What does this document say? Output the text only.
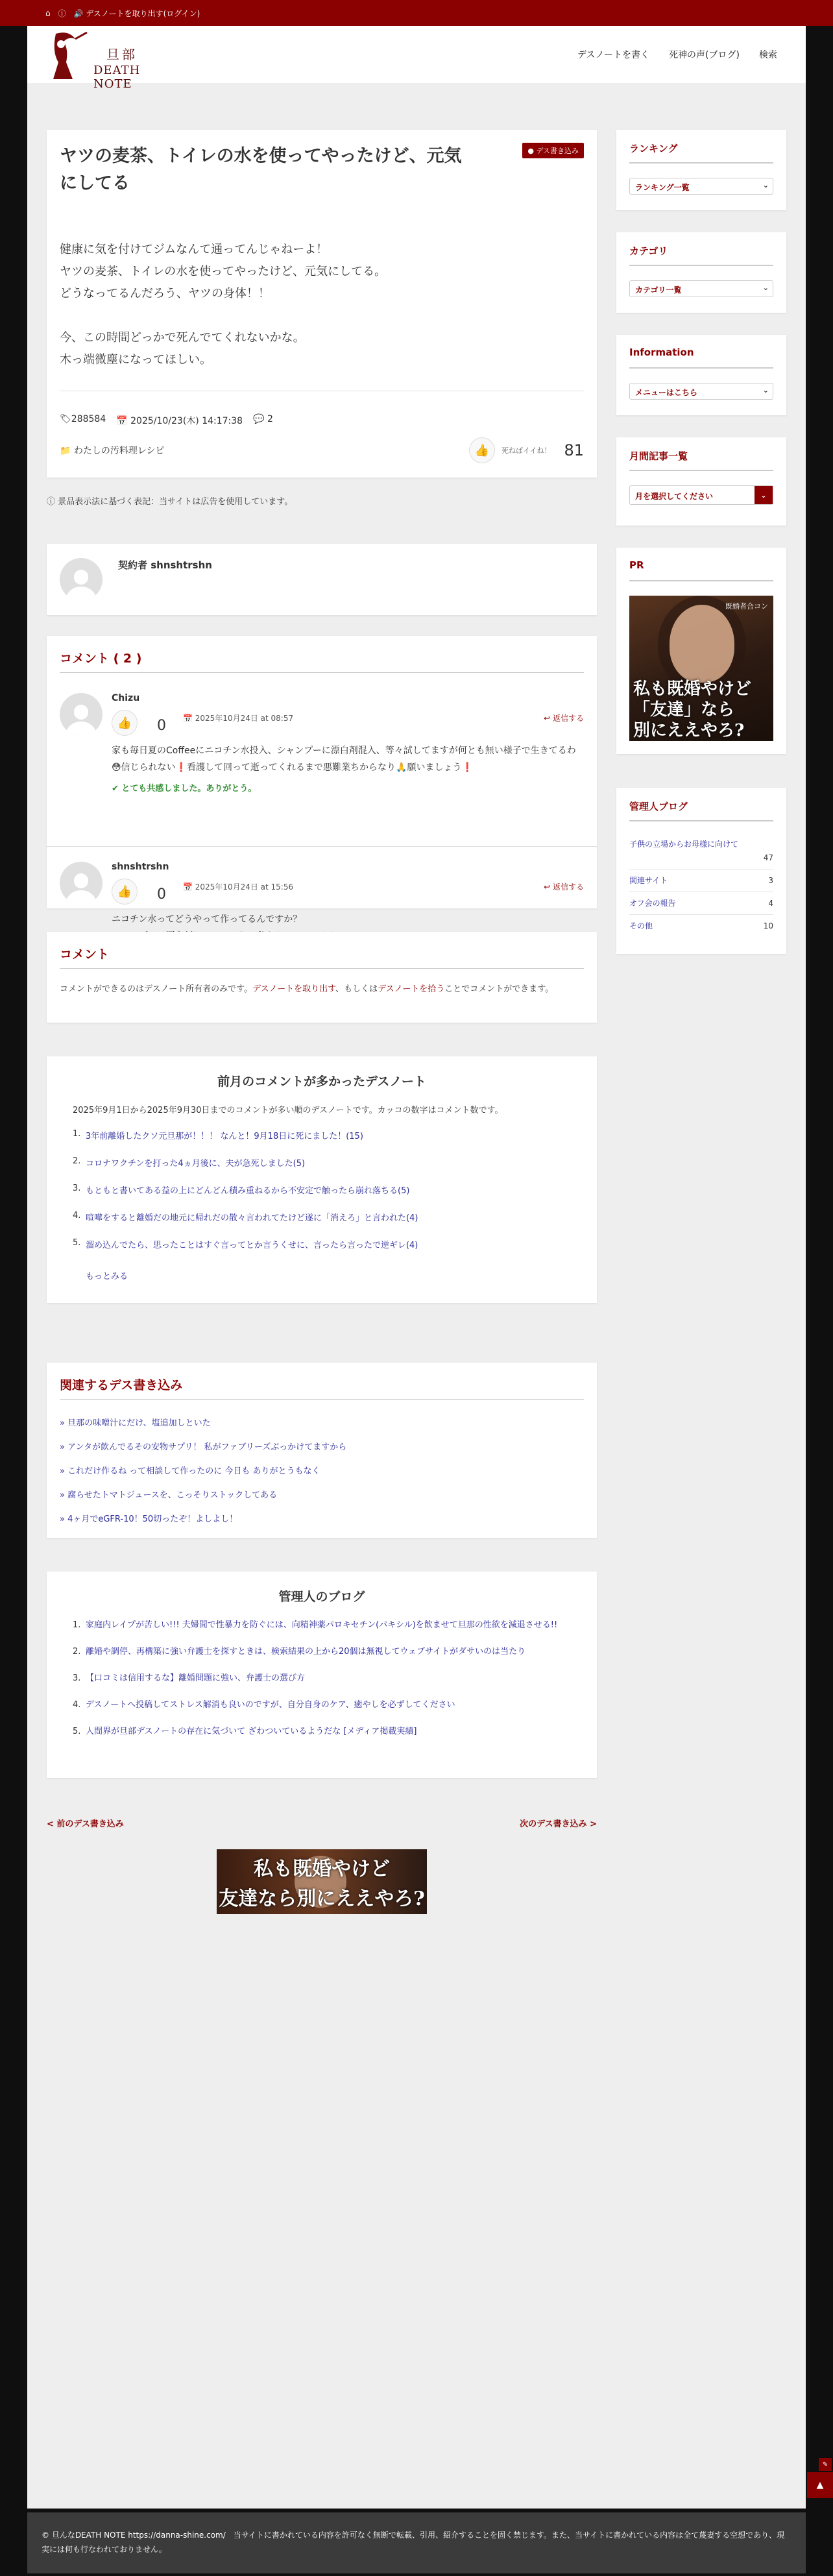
⌂ ⓘ 🔊 デスノートを取り出す(ログイン)
旦部
DEATH NOTE
デスノートを書く 死神の声(ブログ) 検索
ヤツの麦茶、トイレの水を使ってやったけど、元気にしてる
● デス書き込み
健康に気を付けてジムなんて通ってんじゃねーよ！
ヤツの麦茶、トイレの水を使ってやったけど、元気にしてる。
どうなってるんだろう、ヤツの身体！！
今、この時間どっかで死んでてくれないかな。
木っ端微塵になってほしい。
🏷288584 📅 2025/10/23(木) 14:17:38 💬 2
📁 わたしの汚料理レシピ	👍	死ねばイイね！ 81
ⓘ 景品表示法に基づく表記：当サイトは広告を使用しています。
契約者 shnshtrshn
コメント ( 2 )
Chizu
👍	0 📅 2025年10月24日 at 08:57	↩ 返信する
家も毎日夏のCoffeeにニコチン水投入、シャンプーに漂白剤混入、等々試してますが何とも無い様子で生きてるわ😳信じられない❗️看護して回って逝ってくれるまで悪難業ちからなり🙏願いましょう❗️
✔ とても共感しました。ありがとう。
shnshtrshn
👍	0 📅 2025年10月24日 at 15:56	↩ 返信する
ニコチン水ってどうやって作ってるんですか？

コメント
コメントができるのはデスノート所有者のみです。デスノートを取り出す、もしくはデスノートを拾うことでコメントができます。
前月のコメントが多かったデスノート
2025年9月1日から2025年9月30日までのコメントが多い順のデスノートです。カッコの数字はコメント数です。
1. 3年前離婚したクソ元旦那が！！！ なんと！9月18日に死にました！(15)
2. コロナワクチンを打った4ヵ月後に、夫が急死しました(5)
3. もともと書いてある益の上にどんどん積み重ねるから不安定で触ったら崩れ落ちる(5)
4. 喧嘩をすると離婚だの地元に帰れだの散々言われてたけど遂に「消えろ」と言われた(4)
5. 溜め込んでたら、思ったことはすぐ言ってとか言うくせに、言ったら言ったで逆ギレ(4)
もっとみる
関連するデス書き込み
» 旦那の味噌汁にだけ、塩追加しといた
» アンタが飲んでるその安物サプリ！ 私がファブリーズぶっかけてますから
» これだけ作るね って相談して作ったのに 今日も ありがとうもなく
» 腐らせたトマトジュースを、こっそりストックしてある
» 4ヶ月でeGFR-10！50切ったぞ！よしよし！
管理人のブログ
1. 家庭内レイプが苦しい!!! 夫婦間で性暴力を防ぐには、向精神薬パロキセチン(パキシル)を飲ませて旦那の性欲を減退させる!!
2. 離婚や調停、再構築に強い弁護士を探すときは、検索結果の上から20個は無視してウェブサイトがダサいのは当たり
3. 【口コミは信用するな】離婚問題に強い、弁護士の選び方
4. デスノートへ投稿してストレス解消も良いのですが、自分自身のケア、癒やしを必ずしてください
5. 人間界が旦部デスノートの存在に気づいて ざわついているようだな [メディア掲載実績]
< 前のデス書き込み	次のデス書き込み >
私も既婚やけど
友達なら別にええやろ?
ランキング
ランキング一覧	⌄
カテゴリ
カテゴリ一覧	⌄
Information
メニューはこちら	⌄
月間記事一覧
月を選択してください	⌄
PR
既婚者合コン
私も既婚やけど
「友達」なら
別にええやろ?
管理人ブログ
子供の立場からお母様に向けて
47
関連サイト	3
オフ会の報告	4
その他	10
© 旦んなDEATH NOTE https://danna-shine.com/　当サイトに書かれている内容を許可なく無断で転載、引用、紹介することを固く禁じます。また、当サイトに書かれている内容は全て蔑妻する空想であり、現実には何も行なわれておりません。
✎
▲
